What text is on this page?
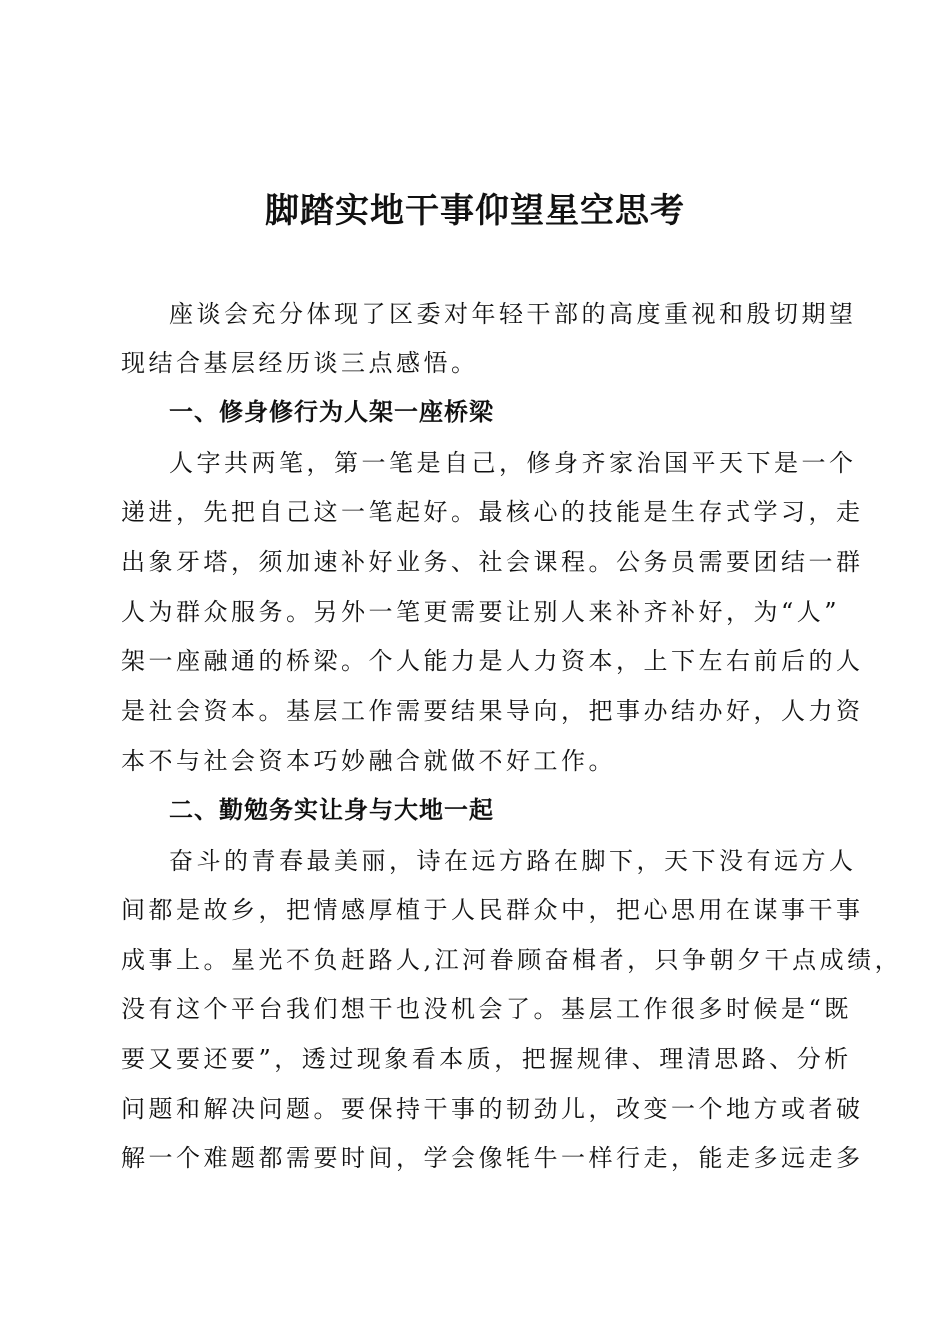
脚踏实地干事仰望星空思考
座谈会充分体现了区委对年轻干部的高度重视和殷切期望
现结合基层经历谈三点感悟。
一、修身修行为人架一座桥梁
人字共两笔，第一笔是自己，修身齐家治国平天下是一个
递进，先把自己这一笔起好。最核心的技能是生存式学习，走
出象牙塔，须加速补好业务、社会课程。公务员需要团结一群
人为群众服务。另外一笔更需要让别人来补齐补好，为“人”
架一座融通的桥梁。个人能力是人力资本，上下左右前后的人
是社会资本。基层工作需要结果导向，把事办结办好，人力资
本不与社会资本巧妙融合就做不好工作。
二、勤勉务实让身与大地一起
奋斗的青春最美丽，诗在远方路在脚下，天下没有远方人
间都是故乡，把情感厚植于人民群众中，把心思用在谋事干事
成事上。星光不负赶路人,江河眷顾奋楫者，只争朝夕干点成绩，
没有这个平台我们想干也没机会了。基层工作很多时候是“既
要又要还要”，透过现象看本质，把握规律、理清思路、分析
问题和解决问题。要保持干事的韧劲儿，改变一个地方或者破
解一个难题都需要时间，学会像牦牛一样行走，能走多远走多
